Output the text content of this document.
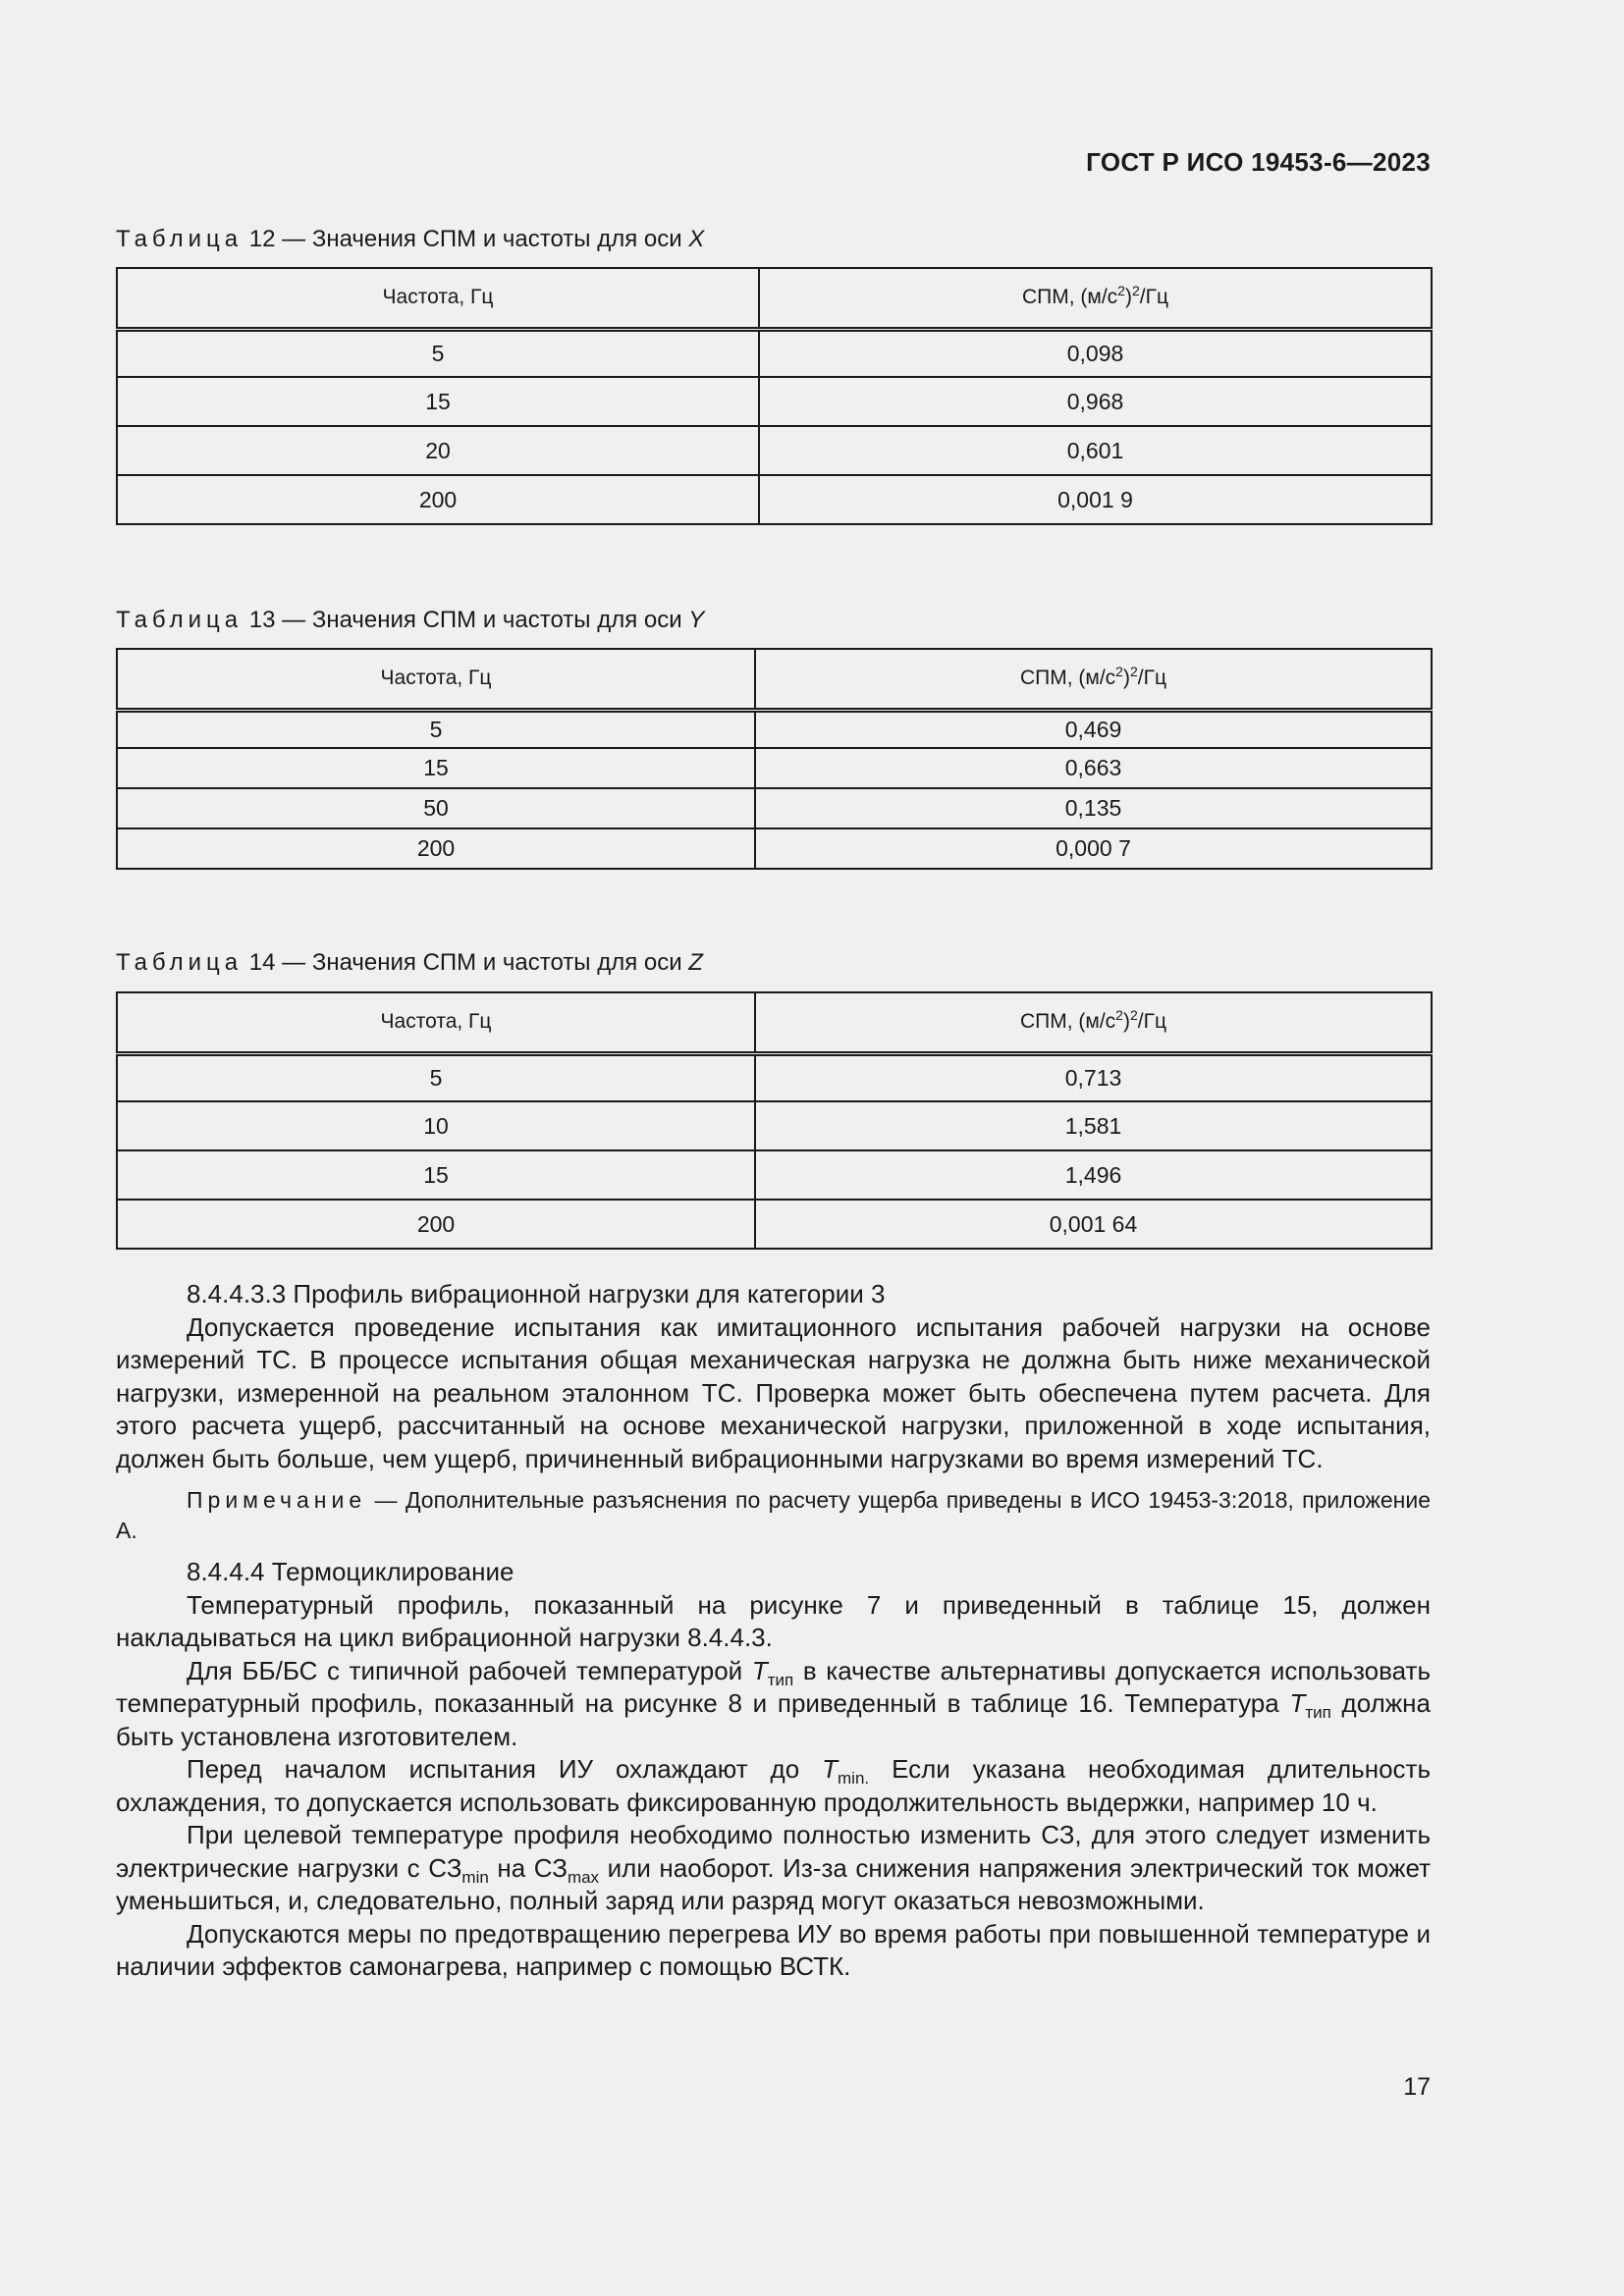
ГОСТ Р ИСО 19453-6—2023
Таблица 12 — Значения СПМ и частоты для оси X
Частота, Гц	СПМ, $(м/с^2)^2/Гц$
5	0,098
15	0,968
20	0,601
200	0,001 9
Таблица 13 — Значения СПМ и частоты для оси Y
Частота, Гц	СПМ, $(м/с^2)^2/Гц$
5	0,469
15	0,663
50	0,135
200	0,000 7
Таблица 14 — Значения СПМ и частоты для оси Z
Частота, Гц	СПМ, $(м/с^2)^2/Гц$
5	0,713
10	1,581
15	1,496
200	0,001 64

8.4.4.3.3 Профиль вибрационной нагрузки для категории 3

Допускается проведение испытания как имитационного испытания рабочей нагрузки на основе измерений ТС. В процессе испытания общая механическая нагрузка не должна быть ниже механической нагрузки, измеренной на реальном эталонном ТС. Проверка может быть обеспечена путем расчета. Для этого расчета ущерб, рассчитанный на основе механической нагрузки, приложенной в ходе испытания, должен быть больше, чем ущерб, причиненный вибрационными нагрузками во время измерений ТС.

Примечание — Дополнительные разъяснения по расчету ущерба приведены в ИСО 19453-3:2018, приложение А.

8.4.4.4 Термоциклирование

Температурный профиль, показанный на рисунке 7 и приведенный в таблице 15, должен накладываться на цикл вибрационной нагрузки 8.4.4.3.

Для ББ/БС с типичной рабочей температурой $T_{тип}$ в качестве альтернативы допускается использовать температурный профиль, показанный на рисунке 8 и приведенный в таблице 16. Температура $T_{тип}$ должна быть установлена изготовителем.

Перед началом испытания ИУ охлаждают до $T_{min.}$ Если указана необходимая длительность охлаждения, то допускается использовать фиксированную продолжительность выдержки, например 10 ч.

При целевой температуре профиля необходимо полностью изменить СЗ, для этого следует изменить электрические нагрузки с $СЗ_{min}$ на $СЗ_{max}$ или наоборот. Из-за снижения напряжения электрический ток может уменьшиться, и, следовательно, полный заряд или разряд могут оказаться невозможными.

Допускаются меры по предотвращению перегрева ИУ во время работы при повышенной температуре и наличии эффектов самонагрева, например с помощью ВСТК.

17
